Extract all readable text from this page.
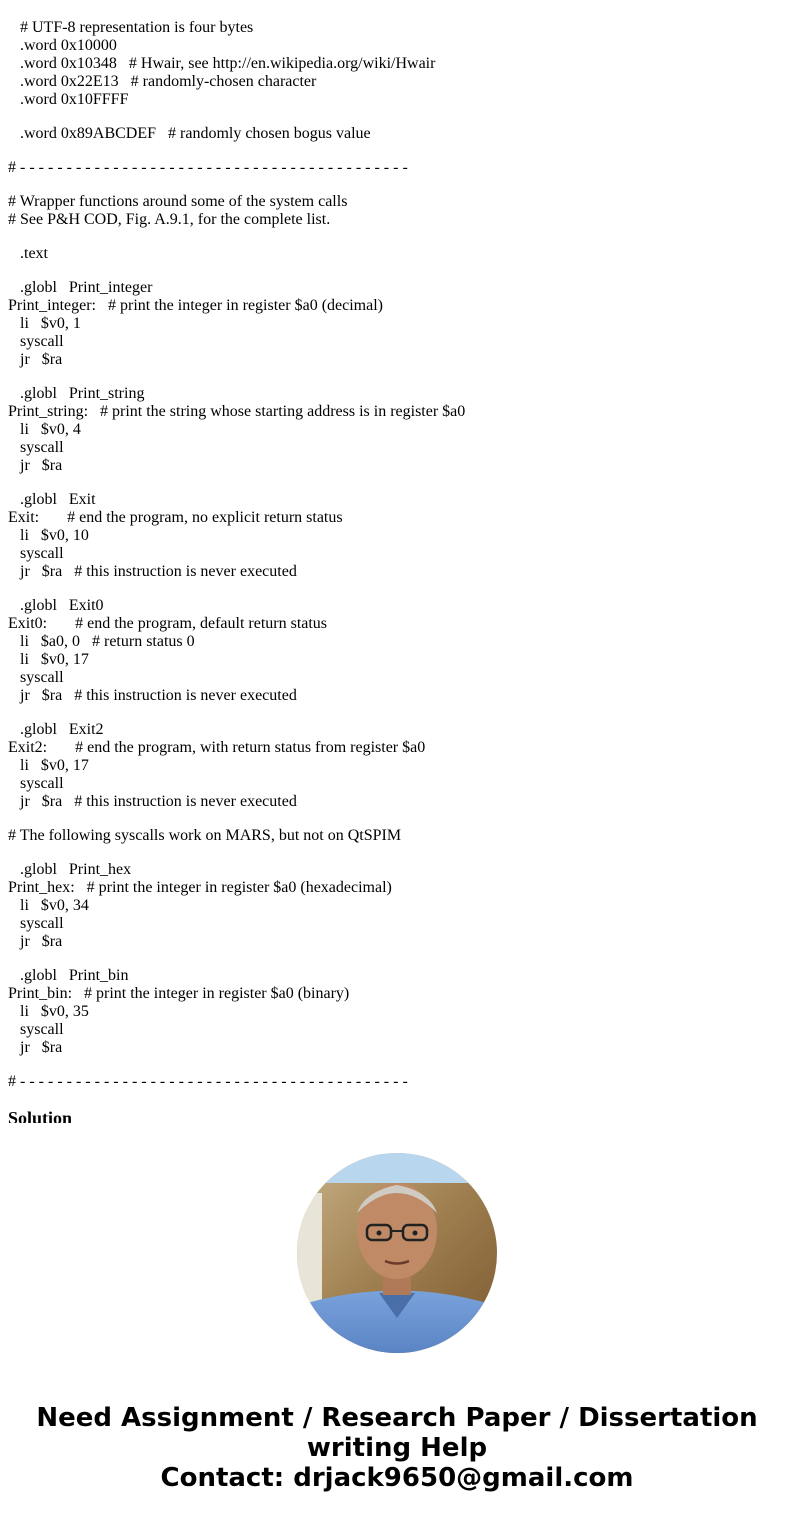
# UTF-8 representation is four bytes
.word 0x10000
.word 0x10348   # Hwair, see http://en.wikipedia.org/wiki/Hwair
.word 0x22E13   # randomly-chosen character
.word 0x10FFFF
.word 0x89ABCDEF   # randomly chosen bogus value
# - - - - - - - - - - - - - - - - - - - - - - - - - - - - - - - - - - - - - - - - - -
# Wrapper functions around some of the system calls
# See P&H COD, Fig. A.9.1, for the complete list.
.text
.globl   Print_integer
Print_integer:   # print the integer in register $a0 (decimal)
li   $v0, 1
syscall
jr   $ra
.globl   Print_string
Print_string:   # print the string whose starting address is in register $a0
li   $v0, 4
syscall
jr   $ra
.globl   Exit
Exit:       # end the program, no explicit return status
li   $v0, 10
syscall
jr   $ra   # this instruction is never executed
.globl   Exit0
Exit0:       # end the program, default return status
li   $a0, 0   # return status 0
li   $v0, 17
syscall
jr   $ra   # this instruction is never executed
.globl   Exit2
Exit2:       # end the program, with return status from register $a0
li   $v0, 17
syscall
jr   $ra   # this instruction is never executed
# The following syscalls work on MARS, but not on QtSPIM
.globl   Print_hex
Print_hex:   # print the integer in register $a0 (hexadecimal)
li   $v0, 34
syscall
jr   $ra
.globl   Print_bin
Print_bin:   # print the integer in register $a0 (binary)
li   $v0, 35
syscall
jr   $ra
# - - - - - - - - - - - - - - - - - - - - - - - - - - - - - - - - - - - - - - - - - -
Solution
Need Assignment / Research Paper / Dissertation
writing Help
Contact: drjack9650@gmail.com
